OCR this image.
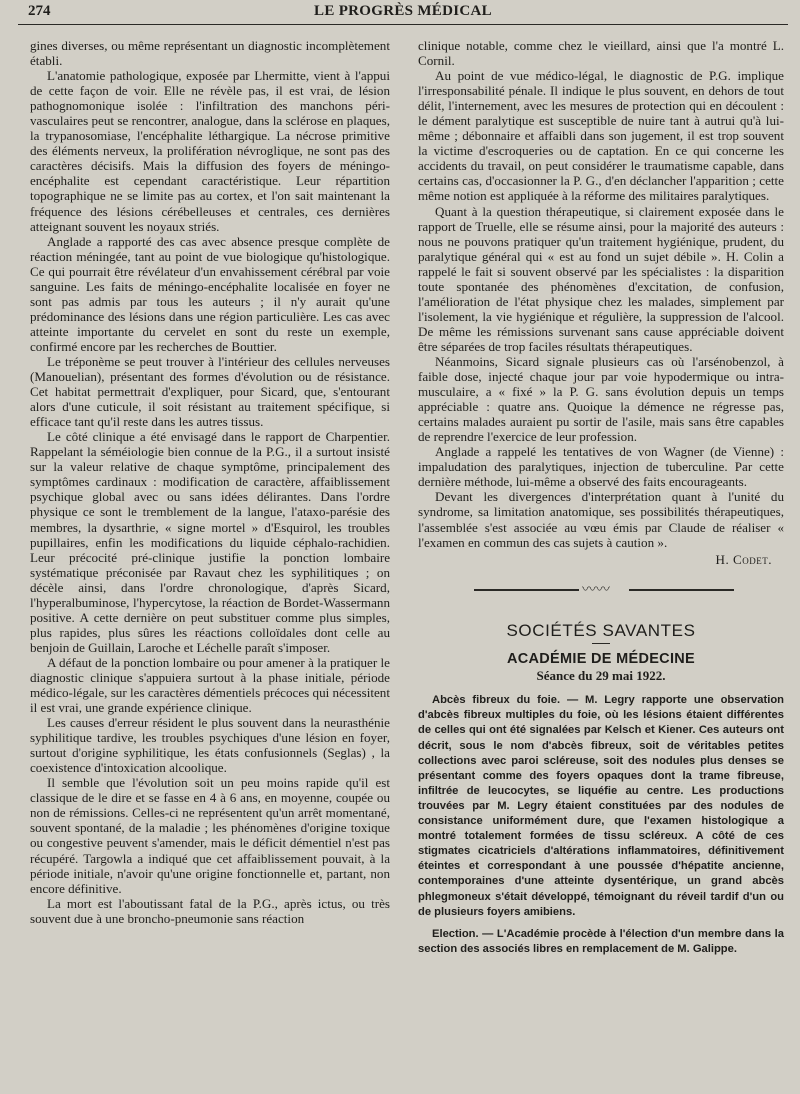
274	LE PROGRÈS MÉDICAL

gines diverses, ou même représentant un diagnostic incomplètement établi.

L'anatomie pathologique, exposée par Lhermitte, vient à l'appui de cette façon de voir. Elle ne révèle pas, il est vrai, de lésion pathognomonique isolée : l'infiltration des manchons péri-vasculaires peut se rencontrer, analogue, dans la sclérose en plaques, la trypanosomiase, l'encéphalite léthargique. La nécrose primitive des éléments nerveux, la prolifération névroglique, ne sont pas des caractères décisifs. Mais la diffusion des foyers de méningo-encéphalite est cependant caractéristique. Leur répartition topographique ne se limite pas au cortex, et l'on sait maintenant la fréquence des lésions cérébelleuses et centrales, ces dernières atteignant souvent les noyaux striés.

Anglade a rapporté des cas avec absence presque complète de réaction méningée, tant au point de vue biologique qu'histologique. Ce qui pourrait être révélateur d'un envahissement cérébral par voie sanguine. Les faits de méningo-encéphalite localisée en foyer ne sont pas admis par tous les auteurs ; il n'y aurait qu'une prédominance des lésions dans une région particulière. Les cas avec atteinte importante du cervelet en sont du reste un exemple, confirmé encore par les recherches de Bouttier.

Le tréponème se peut trouver à l'intérieur des cellules nerveuses (Manouelian), présentant des formes d'évolution ou de résistance. Cet habitat permettrait d'expliquer, pour Sicard, que, s'entourant alors d'une cuticule, il soit résistant au traitement spécifique, si efficace tant qu'il reste dans les autres tissus.

Le côté clinique a été envisagé dans le rapport de Charpentier. Rappelant la séméiologie bien connue de la P.G., il a surtout insisté sur la valeur relative de chaque symptôme, principalement des symptômes cardinaux : modification de caractère, affaiblissement psychique global avec ou sans idées délirantes. Dans l'ordre physique ce sont le tremblement de la langue, l'ataxo-parésie des membres, la dysarthrie, « signe mortel » d'Esquirol, les troubles pupillaires, enfin les modifications du liquide céphalo-rachidien. Leur précocité pré-clinique justifie la ponction lombaire systématique préconisée par Ravaut chez les syphilitiques ; on décèle ainsi, dans l'ordre chronologique, d'après Sicard, l'hyperalbuminose, l'hypercytose, la réaction de Bordet-Wassermann positive. A cette dernière on peut substituer comme plus simples, plus rapides, plus sûres les réactions colloïdales dont celle au benjoin de Guillain, Laroche et Léchelle paraît s'imposer.

A défaut de la ponction lombaire ou pour amener à la pratiquer le diagnostic clinique s'appuiera surtout à la phase initiale, période médico-légale, sur les caractères démentiels précoces qui nécessitent il est vrai, une grande expérience clinique.

Les causes d'erreur résident le plus souvent dans la neurasthénie syphilitique tardive, les troubles psychiques d'une lésion en foyer, surtout d'origine syphilitique, les états confusionnels (Seglas) , la coexistence d'intoxication alcoolique.

Il semble que l'évolution soit un peu moins rapide qu'il est classique de le dire et se fasse en 4 à 6 ans, en moyenne, coupée ou non de rémissions. Celles-ci ne représentent qu'un arrêt momentané, souvent spontané, de la maladie ; les phénomènes d'origine toxique ou congestive peuvent s'amender, mais le déficit démentiel n'est pas récupéré. Targowla a indiqué que cet affaiblissement pouvait, à la période initiale, n'avoir qu'une origine fonctionnelle et, partant, non encore définitive.

La mort est l'aboutissant fatal de la P.G., après ictus, ou très souvent due à une broncho-pneumonie sans réaction

clinique notable, comme chez le vieillard, ainsi que l'a montré L. Cornil.

Au point de vue médico-légal, le diagnostic de P.G. implique l'irresponsabilité pénale. Il indique le plus souvent, en dehors de tout délit, l'internement, avec les mesures de protection qui en découlent : le dément paralytique est susceptible de nuire tant à autrui qu'à lui-même ; débonnaire et affaibli dans son jugement, il est trop souvent la victime d'escroqueries ou de captation. En ce qui concerne les accidents du travail, on peut considérer le traumatisme capable, dans certains cas, d'occasionner la P. G., d'en déclancher l'apparition ; cette même notion est appliquée à la réforme des militaires paralytiques.

Quant à la question thérapeutique, si clairement exposée dans le rapport de Truelle, elle se résume ainsi, pour la majorité des auteurs : nous ne pouvons pratiquer qu'un traitement hygiénique, prudent, du paralytique général qui « est au fond un sujet débile ». H. Colin a rappelé le fait si souvent observé par les spécialistes : la disparition toute spontanée des phénomènes d'excitation, de confusion, l'amélioration de l'état physique chez les malades, simplement par l'isolement, la vie hygiénique et régulière, la suppression de l'alcool. De même les rémissions survenant sans cause appréciable doivent être séparées de trop faciles résultats thérapeutiques.

Néanmoins, Sicard signale plusieurs cas où l'arsénobenzol, à faible dose, injecté chaque jour par voie hypodermique ou intra-musculaire, a « fixé » la P. G. sans évolution depuis un temps appréciable : quatre ans. Quoique la démence ne régresse pas, certains malades auraient pu sortir de l'asile, mais sans être capables de reprendre l'exercice de leur profession.

Anglade a rappelé les tentatives de von Wagner (de Vienne) : impaludation des paralytiques, injection de tuberculine. Par cette dernière méthode, lui-même a observé des faits encourageants.

Devant les divergences d'interprétation quant à l'unité du syndrome, sa limitation anatomique, ses possibilités thérapeutiques, l'assemblée s'est associée au vœu émis par Claude de réaliser « l'examen en commun des cas sujets à caution ».

H. Codet.
〰〰
SOCIÉTÉS SAVANTES
ACADÉMIE DE MÉDECINE
Séance du 29 mai 1922.

Abcès fibreux du foie. — M. Legry rapporte une observation d'abcès fibreux multiples du foie, où les lésions étaient différentes de celles qui ont été signalées par Kelsch et Kiener. Ces auteurs ont décrit, sous le nom d'abcès fibreux, soit de véritables petites collections avec paroi scléreuse, soit des nodules plus denses se présentant comme des foyers opaques dont la trame fibreuse, infiltrée de leucocytes, se liquéfie au centre. Les productions trouvées par M. Legry étaient constituées par des nodules de consistance uniformément dure, que l'examen histologique a montré totalement formées de tissu scléreux. A côté de ces stigmates cicatriciels d'altérations inflammatoires, définitivement éteintes et correspondant à une poussée d'hépatite ancienne, contemporaines d'une atteinte dysentérique, un grand abcès phlegmoneux s'était développé, témoignant du réveil tardif d'un ou de plusieurs foyers amibiens.

Election. — L'Académie procède à l'élection d'un membre dans la section des associés libres en remplacement de M. Galippe.
